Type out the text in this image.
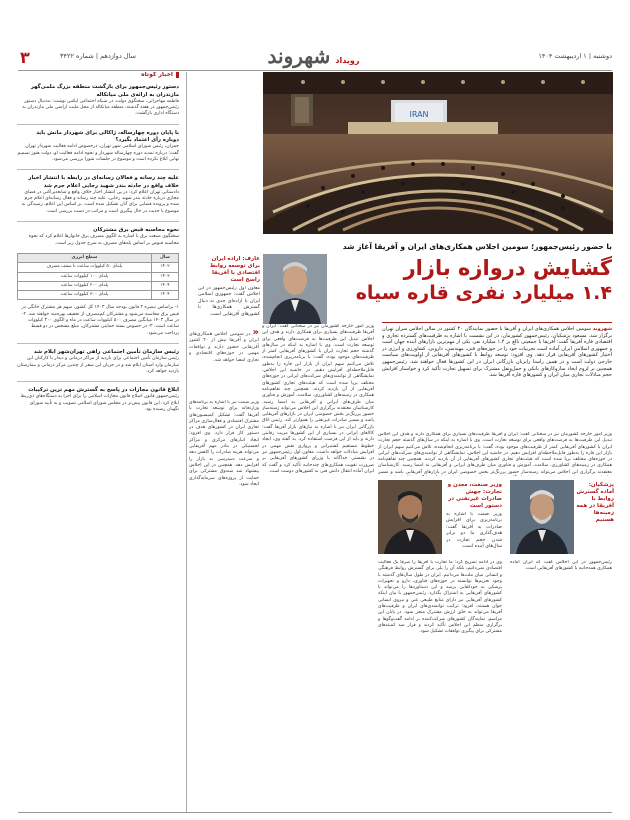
دوشنبه | ۱ اردیبهشت ۱۴۰۴
رویداد شهروند
سال دوازدهم | شماره ۳۴۲۲
۳
اخبار کوتاه
دستور رئیس‌جمهور برای بازگشت منطقه بزرگ ملمی‌گهر
مازندران به ارائه‌ی ملی میانکاله
فاطمه مهاجرانی، سخنگوی دولت، در شبکه اجتماعی ایکس نوشت: به‌دنبال دستور رئیس‌جمهور در هفته گذشته، منطقه میانکاله از محل ملیت اراضی ملی مازندران به دستگاه اداری بازگشت.
با پایان دوره چهارساله، ژاکالی برای شهردار مانش باید
دوباره رأی اعتماد بگیرد؟
جمران، رئیس شورای اسلامی شهر تهران، درخصوص ادامه فعالیت شهردار تهران گفت: درباره تمدید دوره چهارساله شهردار و نحوه ادامه فعالیت او، دولت هنوز تصمیم نهایی ابلاغ نکرده است و موضوع در جلسات شورا بررسی می‌شود.
علیه چند رسانه و فعالان رسانه‌ای در رابطه با انتشار اخبار
خلاف واقع در حادثه بندر شهید رجایی اعلام جرم شد
دادستانی تهران اعلام کرد: در پی انتشار اخبار خلاف واقع و شایعه‌پراکنی در فضای مجازی درباره حادثه بندر شهید رجایی، علیه چند رسانه و فعال رسانه‌ای اعلام جرم شده و پرونده قضایی برای آنان تشکیل شده است. بر اساس این اعلام، رسیدگی به موضوع با جدیت در حال پیگیری است و مراتب در دست بررسی است.
نحوه محاسبه قبض برق مشترکان
سخنگوی صنعت برق با اشاره به الگوی مصرف برق خانوارها اعلام کرد که نحوه محاسبه قبوض بر اساس پله‌های مصرف به شرح جدول زیر است.
سال	سطح انرژی
۱۴۰۲	پله‌ای ۵۰ کیلووات ساعت تا سقف مصرف
۱۴۰۳	پله‌ای ۱۰۰ کیلووات ساعت
۱۴۰۴	پله‌ای ۲۰۰ کیلووات ساعت
۱۴۰۴	پله‌ای ۳۰۰ کیلووات ساعت
۱- براساس تبصره ۲ قانون بودجه سال ۱۴۰۳ کل کشور، سهم هر مشترک خانگی در قبض برق محاسبه می‌شود و مشترکان کم‌مصرف از تخفیف بهره‌مند خواهند شد. ۲- در سال ۱۴۰۳ میانگین مصرف ۵۰۰ کیلووات ساعت در ماه و الگوی ۳۰۰ کیلووات ساعت است. ۳- در خصوص بسته حمایتی مشترکان، مبلغ مشخص در دو قسط پرداخت می‌شود.
رئیس سازمان تأمین اجتماعی راهی تهران‌شهر ایلام شد
رئیس سازمان تأمین اجتماعی برای بازدید از مراکز درمانی و دیدار با کارکنان این سازمان وارد استان ایلام شد و در جریان این سفر از چندین مرکز درمانی و بیمارستان بازدید خواهد کرد.
ابلاغ قانون مجازات در پاسخ به گسترش مهم ترین ترکیبات
رئیس‌جمهور قانون اصلاح قانون مجازات اسلامی را برای اجرا به دستگاه‌های ذی‌ربط ابلاغ کرد. این قانون پیش‌تر در مجلس شورای اسلامی تصویب و به تأیید شورای نگهبان رسیده بود.
IRAN
با حضور رئیس‌جمهور؛ سومین اجلاس همکاری‌های ایران و آفریقا آغاز شد
گشایش دروازه بازار
۱.۴ میلیارد نفری قاره سیاه
شهروند سومین اجلاس همکاری‌های ایران و آفریقا با حضور نمایندگان ۴۰ کشور در سالن اجلاس سران تهران برگزار شد. مسعود پزشکیان، رئیس‌جمهور کشورمان، در این نشست با اشاره به ظرفیت‌های گسترده تجاری و اقتصادی قاره آفریقا گفت: آفریقا با جمعیتی بالغ بر ۱.۴ میلیارد نفر، یکی از مهم‌ترین بازارهای آینده جهان است و جمهوری اسلامی ایران آماده است تجربیات خود را در حوزه‌های فنی، مهندسی، دارویی، کشاورزی و انرژی در اختیار کشورهای آفریقایی قرار دهد. وی افزود: توسعه روابط با کشورهای آفریقایی از اولویت‌های سیاست خارجی دولت است و در همین راستا رایزنان بازرگانی ایران در این کشورها فعال خواهند شد. رئیس‌جمهور همچنین بر لزوم ایجاد سازوکارهای بانکی و حمل‌ونقل مشترک برای تسهیل تجارت تأکید کرد و خواستار افزایش حجم مبادلات تجاری میان ایران و کشورهای قاره آفریقا شد.
عارف: اراده ایران برای توسعه روابط اقتصادی با آفریقا راسخ است
معاون اول رئیس‌جمهور در این اجلاس گفت: جمهوری اسلامی ایران با اراده‌ای جدی به دنبال گسترش همکاری‌ها با کشورهای آفریقایی است.
« در سومین اجلاس همکاری‌های ایران و آفریقا بیش از ۴۰ کشور آفریقایی حضور دارند و توافقات مهمی در حوزه‌های اقتصادی و تجاری امضا خواهد شد.
وزیر امور خارجه کشورمان نیز در سخنانی گفت: ایران و آفریقا ظرفیت‌های بسیاری برای همکاری دارند و هدف این اجلاس تبدیل این ظرفیت‌ها به فرصت‌های واقعی برای توسعه تجارت است. وی با اشاره به اینکه در سال‌های گذشته حجم تجارت ایران با کشورهای آفریقایی کمتر از ظرفیت‌های موجود بوده، گفت: با برنامه‌ریزی انجام‌شده، تلاش می‌کنیم سهم ایران از بازار این قاره را به‌طور قابل‌ملاحظه‌ای افزایش دهیم. در حاشیه این اجلاس، نمایشگاهی از توانمندی‌های شرکت‌های ایرانی در حوزه‌های مختلف برپا شده است که هیئت‌های تجاری کشورهای آفریقایی از آن بازدید کردند. همچنین چند تفاهم‌نامه همکاری در زمینه‌های کشاورزی، سلامت، آموزش و فناوری میان طرف‌های ایرانی و آفریقایی به امضا رسید. کارشناسان معتقدند برگزاری این اجلاس می‌تواند زمینه‌ساز حضور پررنگ‌تر بخش خصوصی ایران در بازارهای آفریقایی باشد و مسیر صادرات غیرنفتی را هموارتر کند. رئیس اتاق بازرگانی ایران نیز با اشاره به نیازهای بازار آفریقا گفت: کالاهای ایرانی در بسیاری از این کشورها مزیت رقابتی دارند و باید از این فرصت استفاده کرد. به گفته وی، ایجاد خطوط مستقیم کشتیرانی و پروازی نقش مهمی در افزایش مبادلات خواهد داشت. معاون اول رئیس‌جمهور نیز در نشستی جداگانه با وزرای کشورهای آفریقایی بر ضرورت تقویت همکاری‌های چندجانبه تأکید کرد و گفت که ایران آماده انتقال دانش فنی به کشورهای دوست است.
وزیر صمت نیز با اشاره به برنامه‌های وزارتخانه برای توسعه تجارت با آفریقا گفت: تشکیل کمیسیون‌های مشترک اقتصادی و فعال‌سازی مراکز تجاری ایران در کشورهای هدف در دستور کار قرار دارد. وی افزود: ایجاد انبارهای مرکزی و مراکز لجستیکی در بنادر مهم آفریقایی می‌تواند هزینه صادرات را کاهش دهد و سرعت دسترسی به بازار را افزایش دهد. همچنین در این اجلاس پیشنهاد شد صندوق مشترکی برای حمایت از پروژه‌های سرمایه‌گذاری ایجاد شود.	وزیر صنعت، معدن و تجارت: جهش صادرات غیرنفتی در دستور است
وزیر صمت با اشاره به برنامه‌ریزی برای افزایش صادرات به آفریقا گفت: هدف‌گذاری ما دو برابر شدن حجم تجارت در سال‌های آینده است.
پزشکیان: آماده گسترش روابط با آفریقا در همه زمینه‌ها هستیم
وی در ادامه تصریح کرد: ما تجارت با آفریقا را صرفاً یک فعالیت اقتصادی نمی‌دانیم، بلکه آن را پلی برای گسترش روابط فرهنگی و انسانی میان ملت‌ها می‌دانیم. ایران در طول سال‌های گذشته با وجود تحریم‌ها توانسته در حوزه‌های فناوری، دارو و تجهیزات پزشکی به خودکفایی برسد و این دستاوردها را می‌تواند با کشورهای آفریقایی به اشتراک بگذارد. رئیس‌جمهور با بیان اینکه کشورهای آفریقایی نیز دارای منابع طبیعی غنی و نیروی انسانی جوان هستند، افزود: ترکیب توانمندی‌های ایران و ظرفیت‌های آفریقا می‌تواند به خلق ارزش مشترک منجر شود. در پایان این مراسم، نمایندگان کشورهای شرکت‌کننده بر ادامه گفت‌وگوها و برگزاری منظم این اجلاس تأکید کردند و قرار شد کمیته‌های مشترکی برای پیگیری توافقات تشکیل شود.
رئیس‌جمهور در این اجلاس گفت که ایران آماده همکاری همه‌جانبه با کشورهای آفریقایی است.
وزیر امور خارجه کشورمان نیز در سخنانی گفت: ایران و آفریقا ظرفیت‌های بسیاری برای همکاری دارند و هدف این اجلاس تبدیل این ظرفیت‌ها به فرصت‌های واقعی برای توسعه تجارت است. وی با اشاره به اینکه در سال‌های گذشته حجم تجارت ایران با کشورهای آفریقایی کمتر از ظرفیت‌های موجود بوده، گفت: با برنامه‌ریزی انجام‌شده، تلاش می‌کنیم سهم ایران از بازار این قاره را به‌طور قابل‌ملاحظه‌ای افزایش دهیم. در حاشیه این اجلاس، نمایشگاهی از توانمندی‌های شرکت‌های ایرانی در حوزه‌های مختلف برپا شده است که هیئت‌های تجاری کشورهای آفریقایی از آن بازدید کردند. همچنین چند تفاهم‌نامه همکاری در زمینه‌های کشاورزی، سلامت، آموزش و فناوری میان طرف‌های ایرانی و آفریقایی به امضا رسید. کارشناسان معتقدند برگزاری این اجلاس می‌تواند زمینه‌ساز حضور پررنگ‌تر بخش خصوصی ایران در بازارهای آفریقایی باشد و مسیر
